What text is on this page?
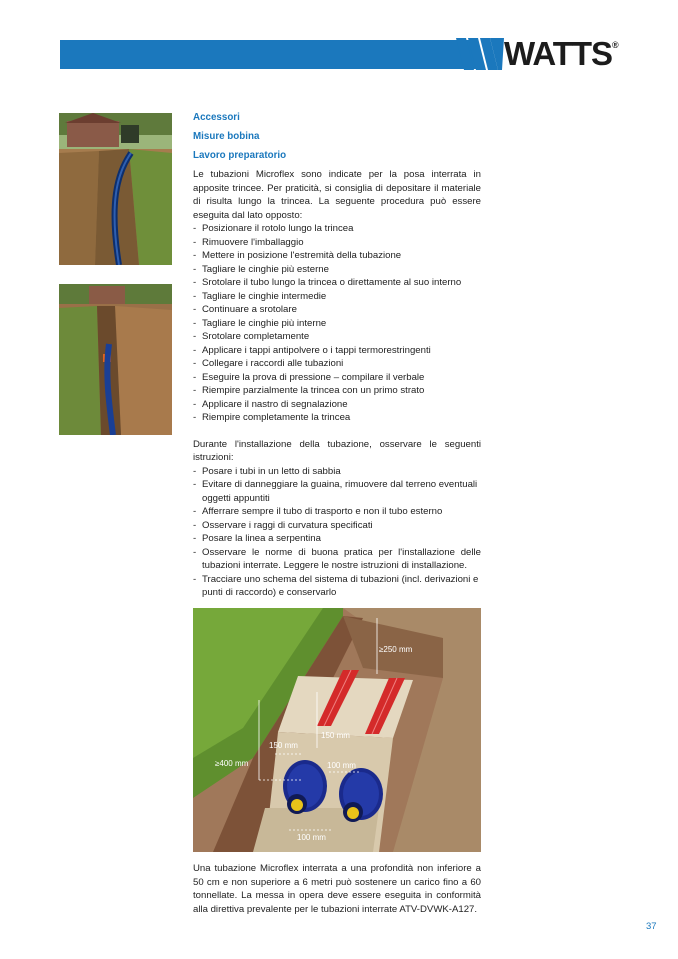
WATTS ®

Accessori

Misure bobina

Lavoro preparatorio

Le tubazioni Microflex sono indicate per la posa interrata in apposite trincee. Per praticità, si consiglia di depositare il materiale di risulta lungo la trincea. La seguente procedura può essere eseguita dal lato opposto:

- Posizionare il rotolo lungo la trincea
- Rimuovere l'imballaggio
- Mettere in posizione l'estremità della tubazione
- Tagliare le cinghie più esterne
- Srotolare il tubo lungo la trincea o direttamente al suo interno
- Tagliare le cinghie intermedie
- Continuare a srotolare
- Tagliare le cinghie più interne
- Srotolare completamente
- Applicare i tappi antipolvere o i tappi termorestringenti
- Collegare i raccordi alle tubazioni
- Eseguire la prova di pressione – compilare il verbale
- Riempire parzialmente la trincea con un primo strato
- Applicare il nastro di segnalazione
- Riempire completamente la trincea

Durante l'installazione della tubazione, osservare le seguenti istruzioni:

- Posare i tubi in un letto di sabbia
- Evitare di danneggiare la guaina, rimuovere dal terreno eventuali oggetti appuntiti
- Afferrare sempre il tubo di trasporto e non il tubo esterno
- Osservare i raggi di curvatura specificati
- Posare la linea a serpentina
- Osservare le norme di buona pratica per l'installazione delle tubazioni interrate. Leggere le nostre istruzioni di installazione.
- Tracciare uno schema del sistema di tubazioni (incl. derivazioni e punti di raccordo) e conservarlo
≥250 mm
≥400 mm
150 mm
150 mm
100 mm
100 mm

Una tubazione Microflex interrata a una profondità non inferiore a 50 cm e non superiore a 6 metri può sostenere un carico fino a 60 tonnellate. La messa in opera deve essere eseguita in conformità alla direttiva prevalente per le tubazioni interrate ATV-DVWK-A127.

37
